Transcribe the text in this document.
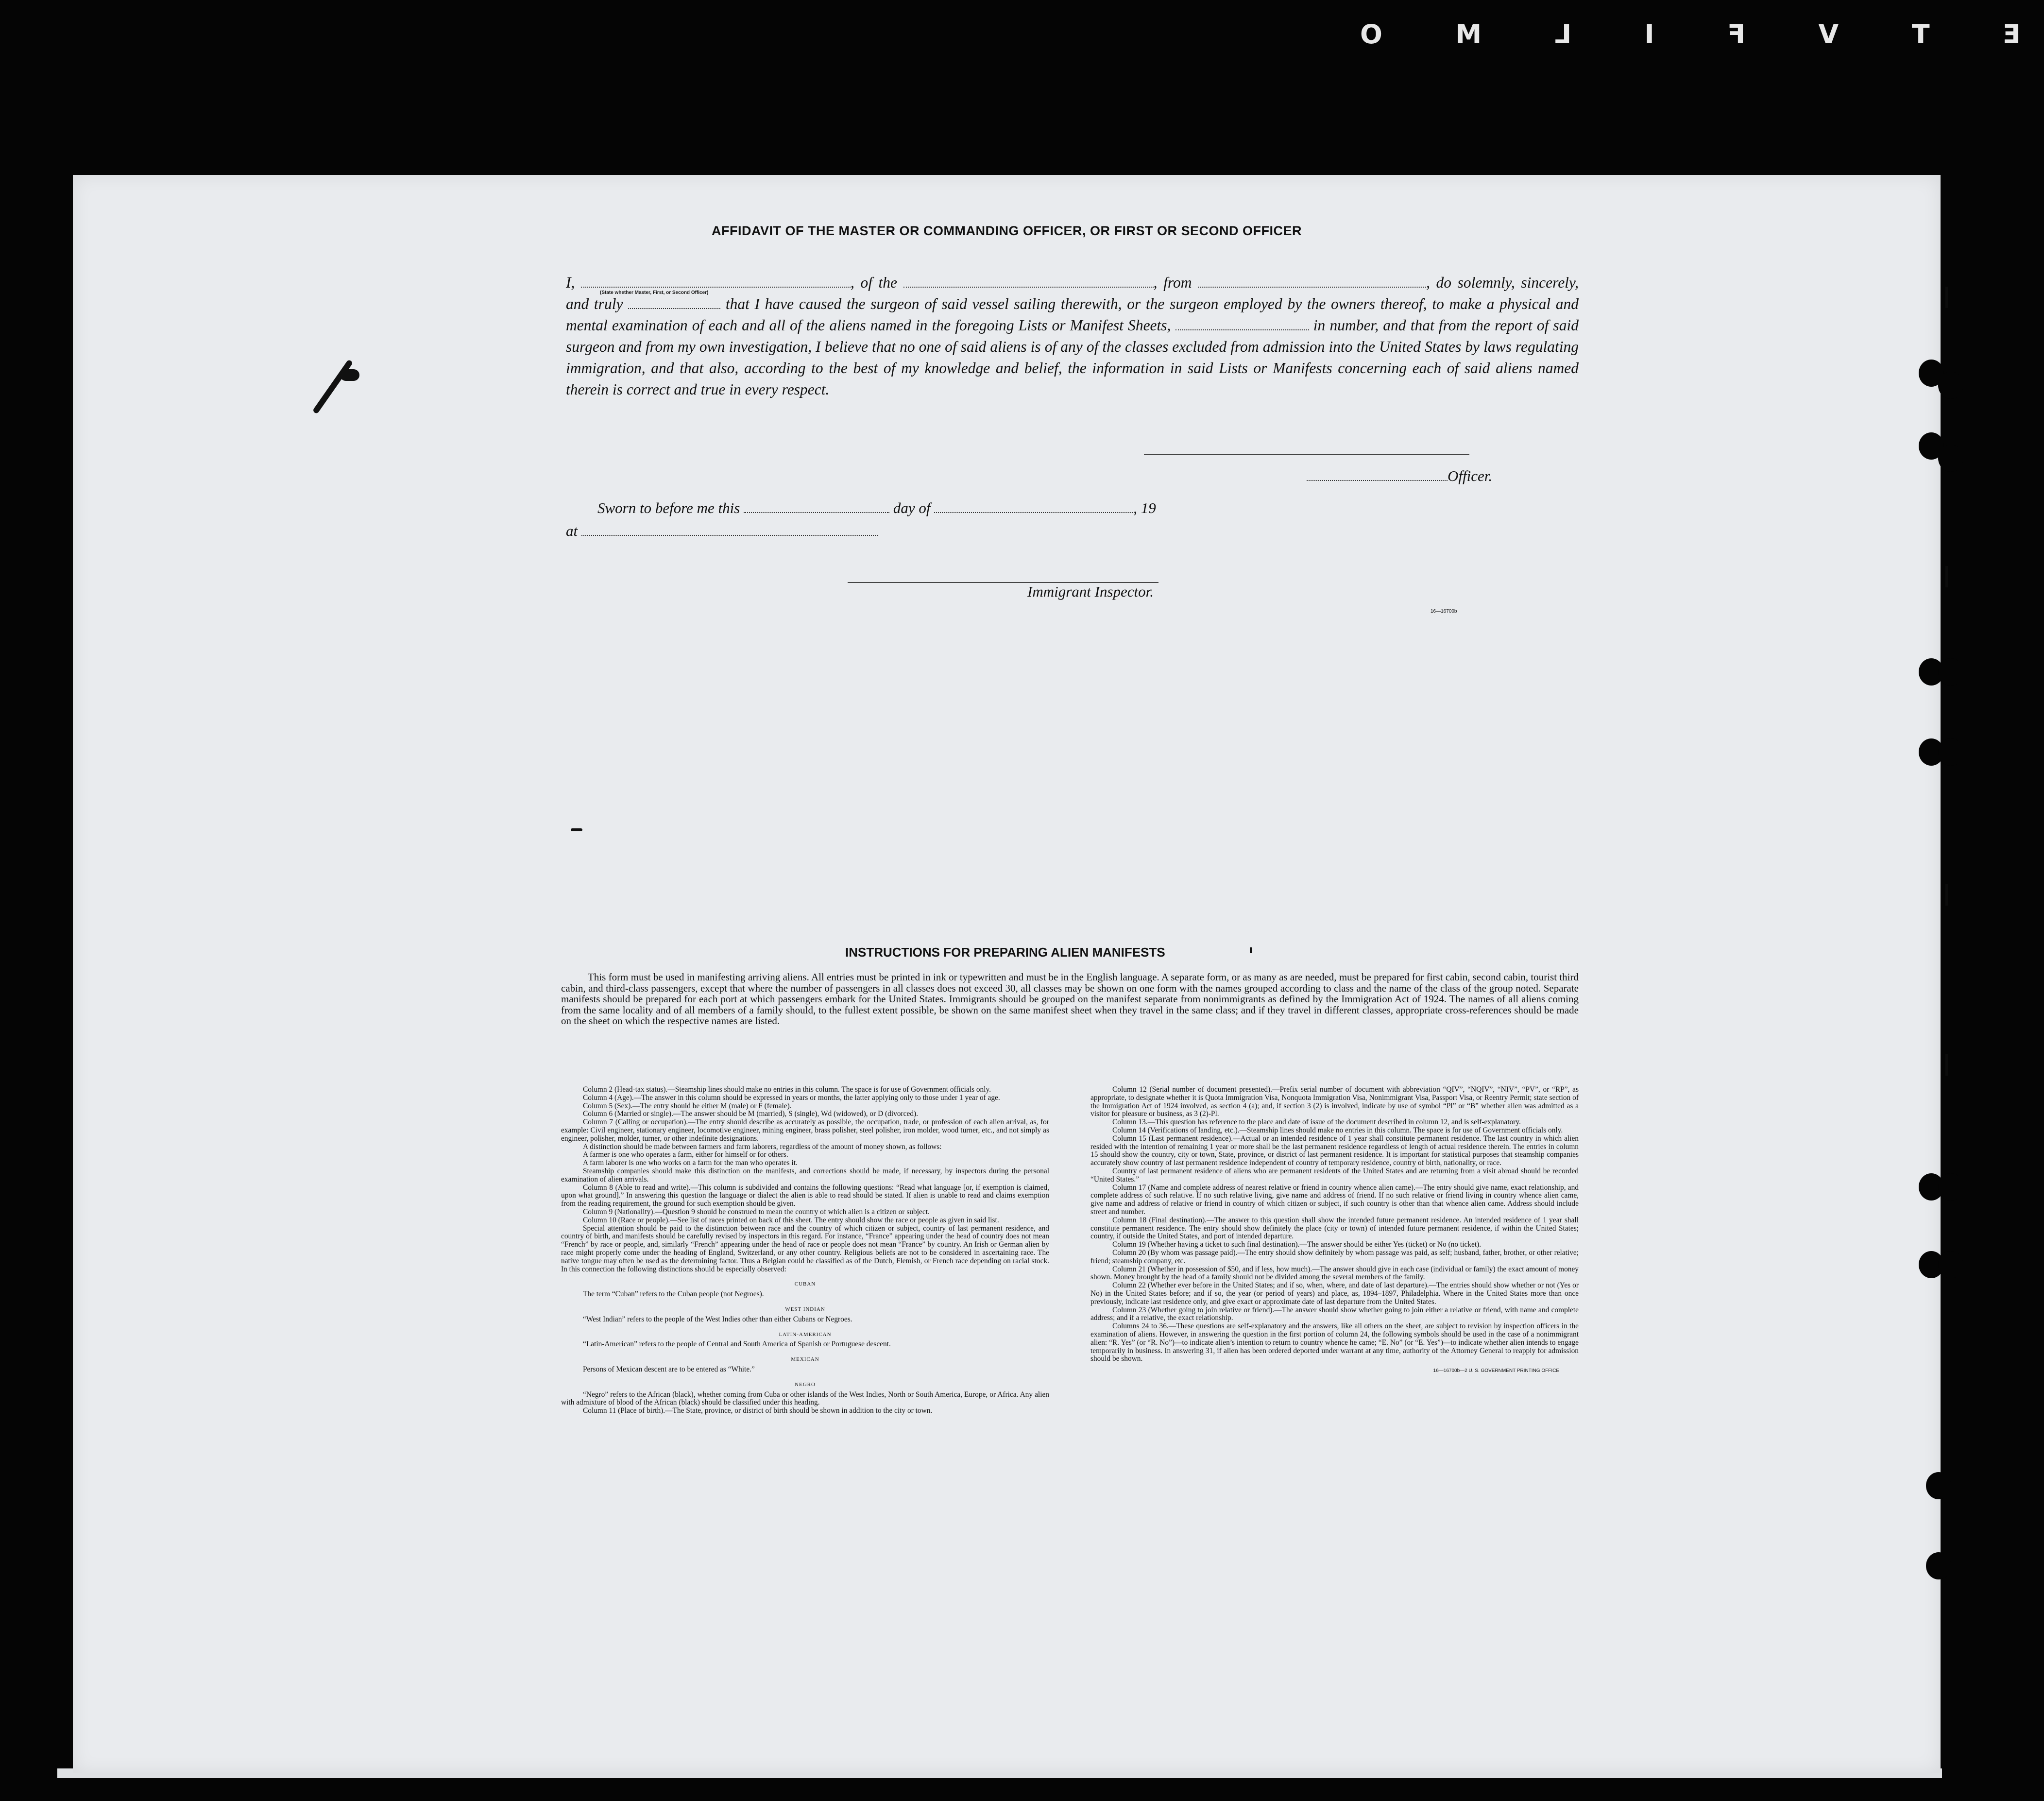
E
T
V
F
I
L
M
O
AFFIDAVIT OF THE MASTER OR COMMANDING OFFICER, OR FIRST OR SECOND OFFICER
I,	, of the	, from	, do solemnly, sincerely, and truly	that I have caused the surgeon of said vessel sailing therewith, or the surgeon employed by the owners thereof, to make a physical and mental examination of each and all of the aliens named in the foregoing Lists or Manifest Sheets,	in number, and that from the report of said surgeon and from my own investigation, I believe that no one of said aliens is of any of the classes excluded from admission into the United States by laws regulating immigration, and that also, according to the best of my knowledge and belief, the information in said Lists or Manifests concerning each of said aliens named therein is correct and true in every respect.
(State whether Master, First, or Second Officer)
Officer.
Sworn to before me this	day of	, 19
at
Immigrant Inspector.
16—16700b
INSTRUCTIONS FOR PREPARING ALIEN MANIFESTS
This form must be used in manifesting arriving aliens. All entries must be printed in ink or typewritten and must be in the English language. A separate form, or as many as are needed, must be prepared for first cabin, second cabin, tourist third cabin, and third-class passengers, except that where the number of passengers in all classes does not exceed 30, all classes may be shown on one form with the names grouped according to class and the name of the class of the group noted. Separate manifests should be prepared for each port at which passengers embark for the United States. Immigrants should be grouped on the manifest separate from nonimmigrants as defined by the Immigration Act of 1924. The names of all aliens coming from the same locality and of all members of a family should, to the fullest extent possible, be shown on the same manifest sheet when they travel in the same class; and if they travel in different classes, appropriate cross-references should be made on the sheet on which the respective names are listed.

Column 2 (Head-tax status).—Steamship lines should make no entries in this column. The space is for use of Government officials only.

Column 4 (Age).—The answer in this column should be expressed in years or months, the latter applying only to those under 1 year of age.

Column 5 (Sex).—The entry should be either M (male) or F (female).

Column 6 (Married or single).—The answer should be M (married), S (single), Wd (widowed), or D (divorced).

Column 7 (Calling or occupation).—The entry should describe as accurately as possible, the occupation, trade, or profession of each alien arrival, as, for example: Civil engineer, stationary engineer, locomotive engineer, mining engineer, brass polisher, steel polisher, iron molder, wood turner, etc., and not simply as engineer, polisher, molder, turner, or other indefinite designations.

A distinction should be made between farmers and farm laborers, regardless of the amount of money shown, as follows:

A farmer is one who operates a farm, either for himself or for others.

A farm laborer is one who works on a farm for the man who operates it.

Steamship companies should make this distinction on the manifests, and corrections should be made, if necessary, by inspectors during the personal examination of alien arrivals.

Column 8 (Able to read and write).—This column is subdivided and contains the following questions: “Read what language [or, if exemption is claimed, upon what ground].” In answering this question the language or dialect the alien is able to read should be stated. If alien is unable to read and claims exemption from the reading requirement, the ground for such exemption should be given.

Column 9 (Nationality).—Question 9 should be construed to mean the country of which alien is a citizen or subject.

Column 10 (Race or people).—See list of races printed on back of this sheet. The entry should show the race or people as given in said list.

Special attention should be paid to the distinction between race and the country of which citizen or subject, country of last permanent residence, and country of birth, and manifests should be carefully revised by inspectors in this regard. For instance, “France” appearing under the head of country does not mean “French” by race or people, and, similarly “French” appearing under the head of race or people does not mean “France” by country. An Irish or German alien by race might properly come under the heading of England, Switzerland, or any other country. Religious beliefs are not to be considered in ascertaining race. The native tongue may often be used as the determining factor. Thus a Belgian could be classified as of the Dutch, Flemish, or French race depending on racial stock. In this connection the following distinctions should be especially observed:

CUBAN

The term “Cuban” refers to the Cuban people (not Negroes).

WEST INDIAN

“West Indian” refers to the people of the West Indies other than either Cubans or Negroes.

LATIN-AMERICAN

“Latin-American” refers to the people of Central and South America of Spanish or Portuguese descent.

MEXICAN

Persons of Mexican descent are to be entered as “White.”

NEGRO

“Negro” refers to the African (black), whether coming from Cuba or other islands of the West Indies, North or South America, Europe, or Africa. Any alien with admixture of blood of the African (black) should be classified under this heading.

Column 11 (Place of birth).—The State, province, or district of birth should be shown in addition to the city or town.

Column 12 (Serial number of document presented).—Prefix serial number of document with abbreviation “QIV”, “NQIV”, “NIV”, “PV”, or “RP”, as appropriate, to designate whether it is Quota Immigration Visa, Nonquota Immigration Visa, Nonimmigrant Visa, Passport Visa, or Reentry Permit; state section of the Immigration Act of 1924 involved, as section 4 (a); and, if section 3 (2) is involved, indicate by use of symbol “Pl” or “B” whether alien was admitted as a visitor for pleasure or business, as 3 (2)-Pl.

Column 13.—This question has reference to the place and date of issue of the document described in column 12, and is self-explanatory.

Column 14 (Verifications of landing, etc.).—Steamship lines should make no entries in this column. The space is for use of Government officials only.

Column 15 (Last permanent residence).—Actual or an intended residence of 1 year shall constitute permanent residence. The last country in which alien resided with the intention of remaining 1 year or more shall be the last permanent residence regardless of length of actual residence therein. The entries in column 15 should show the country, city or town, State, province, or district of last permanent residence. It is important for statistical purposes that steamship companies accurately show country of last permanent residence independent of country of temporary residence, country of birth, nationality, or race.

Country of last permanent residence of aliens who are permanent residents of the United States and are returning from a visit abroad should be recorded “United States.”

Column 17 (Name and complete address of nearest relative or friend in country whence alien came).—The entry should give name, exact relationship, and complete address of such relative. If no such relative living, give name and address of friend. If no such relative or friend living in country whence alien came, give name and address of relative or friend in country of which citizen or subject, if such country is other than that whence alien came. Address should include street and number.

Column 18 (Final destination).—The answer to this question shall show the intended future permanent residence. An intended residence of 1 year shall constitute permanent residence. The entry should show definitely the place (city or town) of intended future permanent residence, if within the United States; country, if outside the United States, and port of intended departure.

Column 19 (Whether having a ticket to such final destination).—The answer should be either Yes (ticket) or No (no ticket).

Column 20 (By whom was passage paid).—The entry should show definitely by whom passage was paid, as self; husband, father, brother, or other relative; friend; steamship company, etc.

Column 21 (Whether in possession of $50, and if less, how much).—The answer should give in each case (individual or family) the exact amount of money shown. Money brought by the head of a family should not be divided among the several members of the family.

Column 22 (Whether ever before in the United States; and if so, when, where, and date of last departure).—The entries should show whether or not (Yes or No) in the United States before; and if so, the year (or period of years) and place, as, 1894–1897, Philadelphia. Where in the United States more than once previously, indicate last residence only, and give exact or approximate date of last departure from the United States.

Column 23 (Whether going to join relative or friend).—The answer should show whether going to join either a relative or friend, with name and complete address; and if a relative, the exact relationship.

Columns 24 to 36.—These questions are self-explanatory and the answers, like all others on the sheet, are subject to revision by inspection officers in the examination of aliens. However, in answering the question in the first portion of column 24, the following symbols should be used in the case of a nonimmigrant alien: “R. Yes” (or “R. No”)—to indicate alien’s intention to return to country whence he came; “E. No” (or “E. Yes”)—to indicate whether alien intends to engage temporarily in business. In answering 31, if alien has been ordered deported under warrant at any time, authority of the Attorney General to reapply for admission should be shown.

16—16700b—2 U. S. GOVERNMENT PRINTING OFFICE
